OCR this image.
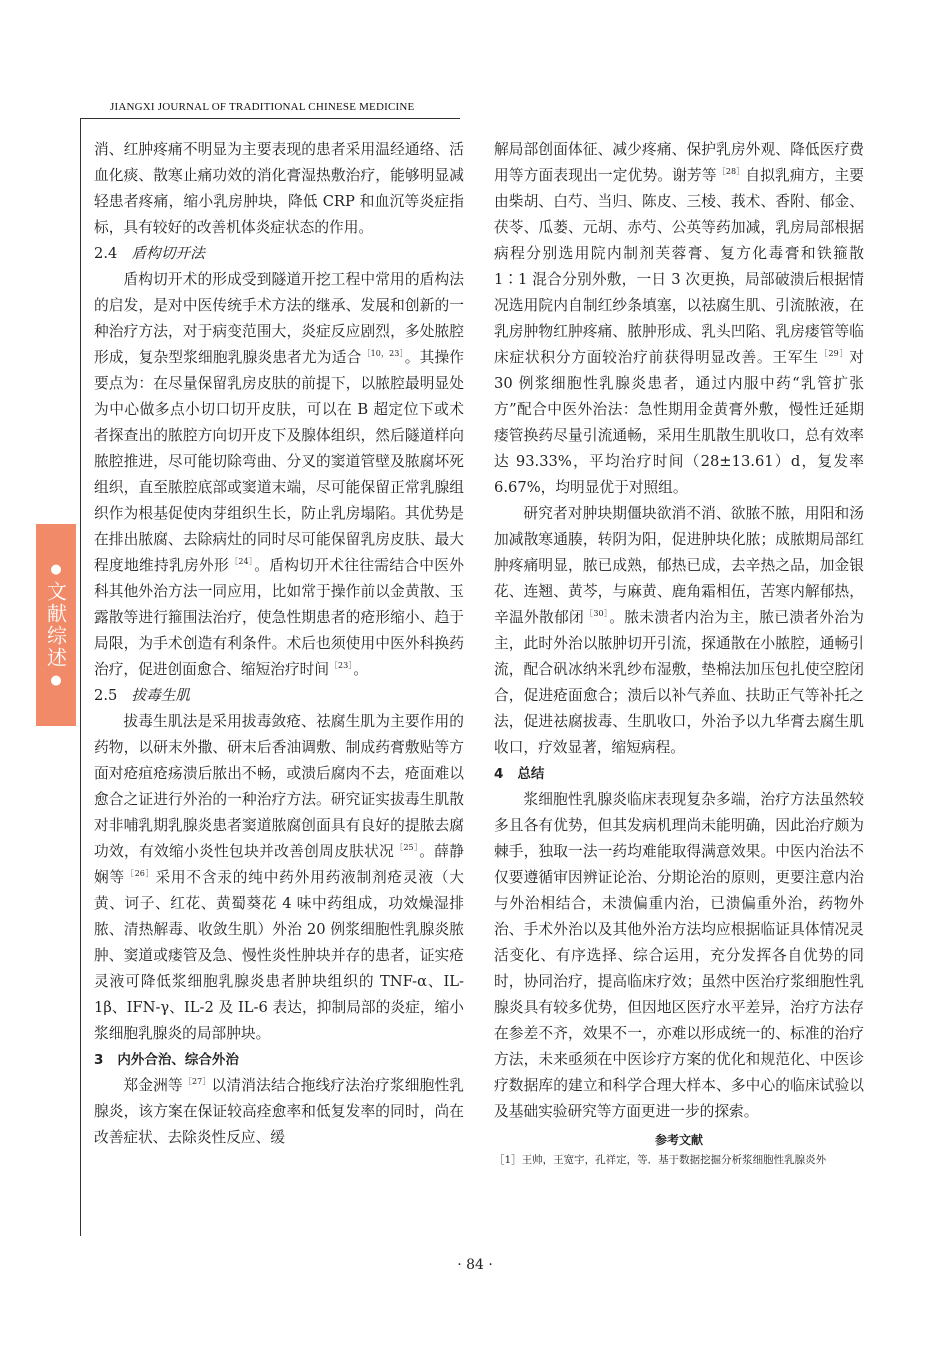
JIANGXI JOURNAL OF TRADITIONAL CHINESE MEDICINE
●
文献综述
●

消、红肿疼痛不明显为主要表现的患者采用温经通络、活血化痰、散寒止痛功效的消化膏湿热敷治疗，能够明显减轻患者疼痛，缩小乳房肿块，降低 CRP 和血沉等炎症指标，具有较好的改善机体炎症状态的作用。

2.4 盾构切开法

盾构切开术的形成受到隧道开挖工程中常用的盾构法的启发，是对中医传统手术方法的继承、发展和创新的一种治疗方法，对于病变范围大，炎症反应剧烈，多处脓腔形成，复杂型浆细胞乳腺炎患者尤为适合$^{[10,23]}$。其操作要点为：在尽量保留乳房皮肤的前提下，以脓腔最明显处为中心做多点小切口切开皮肤，可以在 B 超定位下或术者探查出的脓腔方向切开皮下及腺体组织，然后隧道样向脓腔推进，尽可能切除弯曲、分叉的窦道管壁及脓腐坏死组织，直至脓腔底部或窦道末端，尽可能保留正常乳腺组织作为根基促使肉芽组织生长，防止乳房塌陷。其优势是在排出脓腐、去除病灶的同时尽可能保留乳房皮肤、最大程度地维持乳房外形$^{[24]}$。盾构切开术往往需结合中医外科其他外治方法一同应用，比如常于操作前以金黄散、玉露散等进行箍围法治疗，使急性期患者的疮形缩小、趋于局限，为手术创造有利条件。术后也须使用中医外科换药治疗，促进创面愈合、缩短治疗时间$^{[23]}$。

2.5 拔毒生肌

拔毒生肌法是采用拔毒敛疮、祛腐生肌为主要作用的药物，以研末外撒、研末后香油调敷、制成药膏敷贴等方面对疮疽疮疡溃后脓出不畅，或溃后腐肉不去，疮面难以愈合之证进行外治的一种治疗方法。研究证实拔毒生肌散对非哺乳期乳腺炎患者窦道脓腐创面具有良好的提脓去腐功效，有效缩小炎性包块并改善创周皮肤状况$^{[25]}$。薛静娴等$^{[26]}$采用不含汞的纯中药外用药液制剂疮灵液（大黄、诃子、红花、黄蜀葵花 4 味中药组成，功效燥湿排脓、清热解毒、收敛生肌）外治 20 例浆细胞性乳腺炎脓肿、窦道或瘘管及急、慢性炎性肿块并存的患者，证实疮灵液可降低浆细胞乳腺炎患者肿块组织的 TNF-α、IL-1β、IFN-γ、IL-2 及 IL-6 表达，抑制局部的炎症，缩小浆细胞乳腺炎的局部肿块。

3 内外合治、综合外治

郑金洲等$^{[27]}$以清消法结合拖线疗法治疗浆细胞性乳腺炎，该方案在保证较高痊愈率和低复发率的同时，尚在改善症状、去除炎性反应、缓

解局部创面体征、减少疼痛、保护乳房外观、降低医疗费用等方面表现出一定优势。谢芳等$^{[28]}$自拟乳痈方，主要由柴胡、白芍、当归、陈皮、三棱、莪术、香附、郁金、茯苓、瓜蒌、元胡、赤芍、公英等药加减，乳房局部根据病程分别选用院内制剂芙蓉膏、复方化毒膏和铁箍散 1∶1 混合分别外敷，一日 3 次更换，局部破溃后根据情况选用院内自制红纱条填塞，以祛腐生肌、引流脓液，在乳房肿物红肿疼痛、脓肿形成、乳头凹陷、乳房瘘管等临床症状积分方面较治疗前获得明显改善。王军生$^{[29]}$对 30 例浆细胞性乳腺炎患者，通过内服中药“乳管扩张方”配合中医外治法：急性期用金黄膏外敷，慢性迁延期瘘管换药尽量引流通畅，采用生肌散生肌收口，总有效率达 93.33%，平均治疗时间（28±13.61）d，复发率 6.67%，均明显优于对照组。

研究者对肿块期僵块欲消不消、欲脓不脓，用阳和汤加减散寒通腠，转阴为阳，促进肿块化脓；成脓期局部红肿疼痛明显，脓已成熟，郁热已成，去辛热之品，加金银花、连翘、黄芩，与麻黄、鹿角霜相伍，苦寒内解郁热，辛温外散郁闭$^{[30]}$。脓未溃者内治为主，脓已溃者外治为主，此时外治以脓肿切开引流，探通散在小脓腔，通畅引流，配合矾冰纳米乳纱布湿敷，垫棉法加压包扎使空腔闭合，促进疮面愈合；溃后以补气养血、扶助正气等补托之法，促进祛腐拔毒、生肌收口，外治予以九华膏去腐生肌收口，疗效显著，缩短病程。

4 总结

浆细胞性乳腺炎临床表现复杂多端，治疗方法虽然较多且各有优势，但其发病机理尚未能明确，因此治疗颇为棘手，独取一法一药均难能取得满意效果。中医内治法不仅要遵循审因辨证论治、分期论治的原则，更要注意内治与外治相结合，未溃偏重内治，已溃偏重外治，药物外治、手术外治以及其他外治方法均应根据临证具体情况灵活变化、有序选择、综合运用，充分发挥各自优势的同时，协同治疗，提高临床疗效；虽然中医治疗浆细胞性乳腺炎具有较多优势，但因地区医疗水平差异，治疗方法存在参差不齐，效果不一，亦难以形成统一的、标准的治疗方法，未来亟须在中医诊疗方案的优化和规范化、中医诊疗数据库的建立和科学合理大样本、多中心的临床试验以及基础实验研究等方面更进一步的探索。

参考文献
［1］王帅，王宽宇，孔祥定，等．基于数据挖掘分析浆细胞性乳腺炎外
· 84 ·
